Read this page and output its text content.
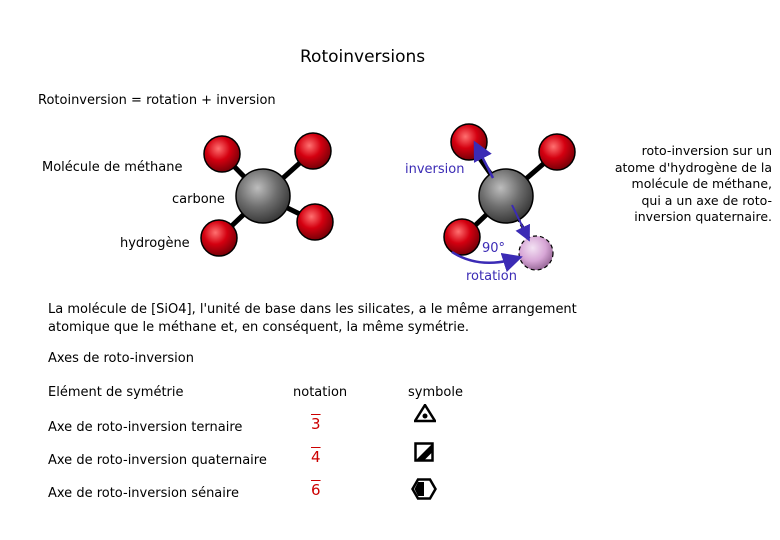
Rotoinversions
Rotoinversion = rotation + inversion
Molécule de méthane
carbone
hydrogène
inversion
90°
rotation
roto-inversion sur un atome d'hydrogène de la molécule de méthane, qui a un axe de roto-inversion quaternaire.
La molécule de [SiO4], l'unité de base dans les silicates, a le même arrangement atomique que le méthane et, en conséquent, la même symétrie.
Axes de roto-inversion
Elément de symétrie	notation	symbole
Axe de roto-inversion ternaire	3
Axe de roto-inversion quaternaire	4
Axe de roto-inversion sénaire	6
